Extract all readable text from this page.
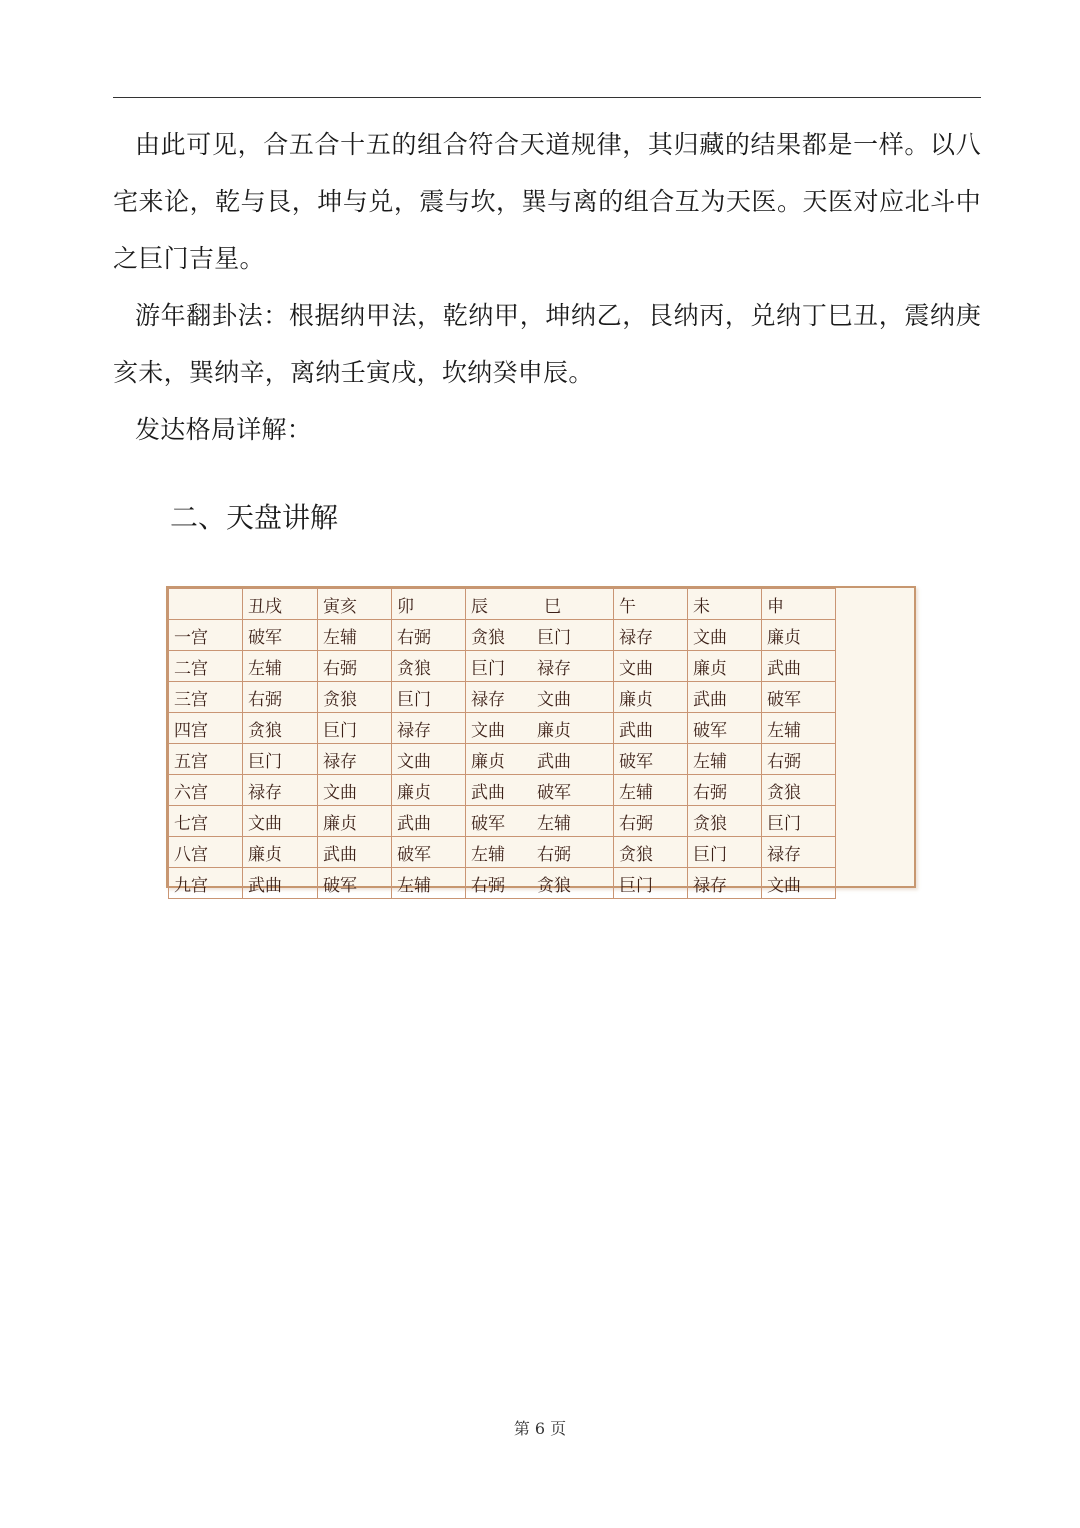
由此可见，合五合十五的组合符合天道规律，其归藏的结果都是一样。以八宅来论，乾与艮，坤与兑，震与坎，巽与离的组合互为天医。天医对应北斗中之巨门吉星。

游年翻卦法：根据纳甲法，乾纳甲，坤纳乙，艮纳丙，兑纳丁巳丑，震纳庚亥未，巽纳辛，离纳壬寅戌，坎纳癸申辰。

发达格局详解：

二、天盘讲解
	丑戌	寅亥	卯	辰 巳	午	未	申
一宫	破军	左辅	右弼	贪狼 巨门	禄存	文曲	廉贞
二宫	左辅	右弼	贪狼	巨门 禄存	文曲	廉贞	武曲
三宫	右弼	贪狼	巨门	禄存 文曲	廉贞	武曲	破军
四宫	贪狼	巨门	禄存	文曲 廉贞	武曲	破军	左辅
五宫	巨门	禄存	文曲	廉贞 武曲	破军	左辅	右弼
六宫	禄存	文曲	廉贞	武曲 破军	左辅	右弼	贪狼
七宫	文曲	廉贞	武曲	破军 左辅	右弼	贪狼	巨门
八宫	廉贞	武曲	破军	左辅 右弼	贪狼	巨门	禄存
九宫	武曲	破军	左辅	右弼 贪狼	巨门	禄存	文曲
第 6 页
